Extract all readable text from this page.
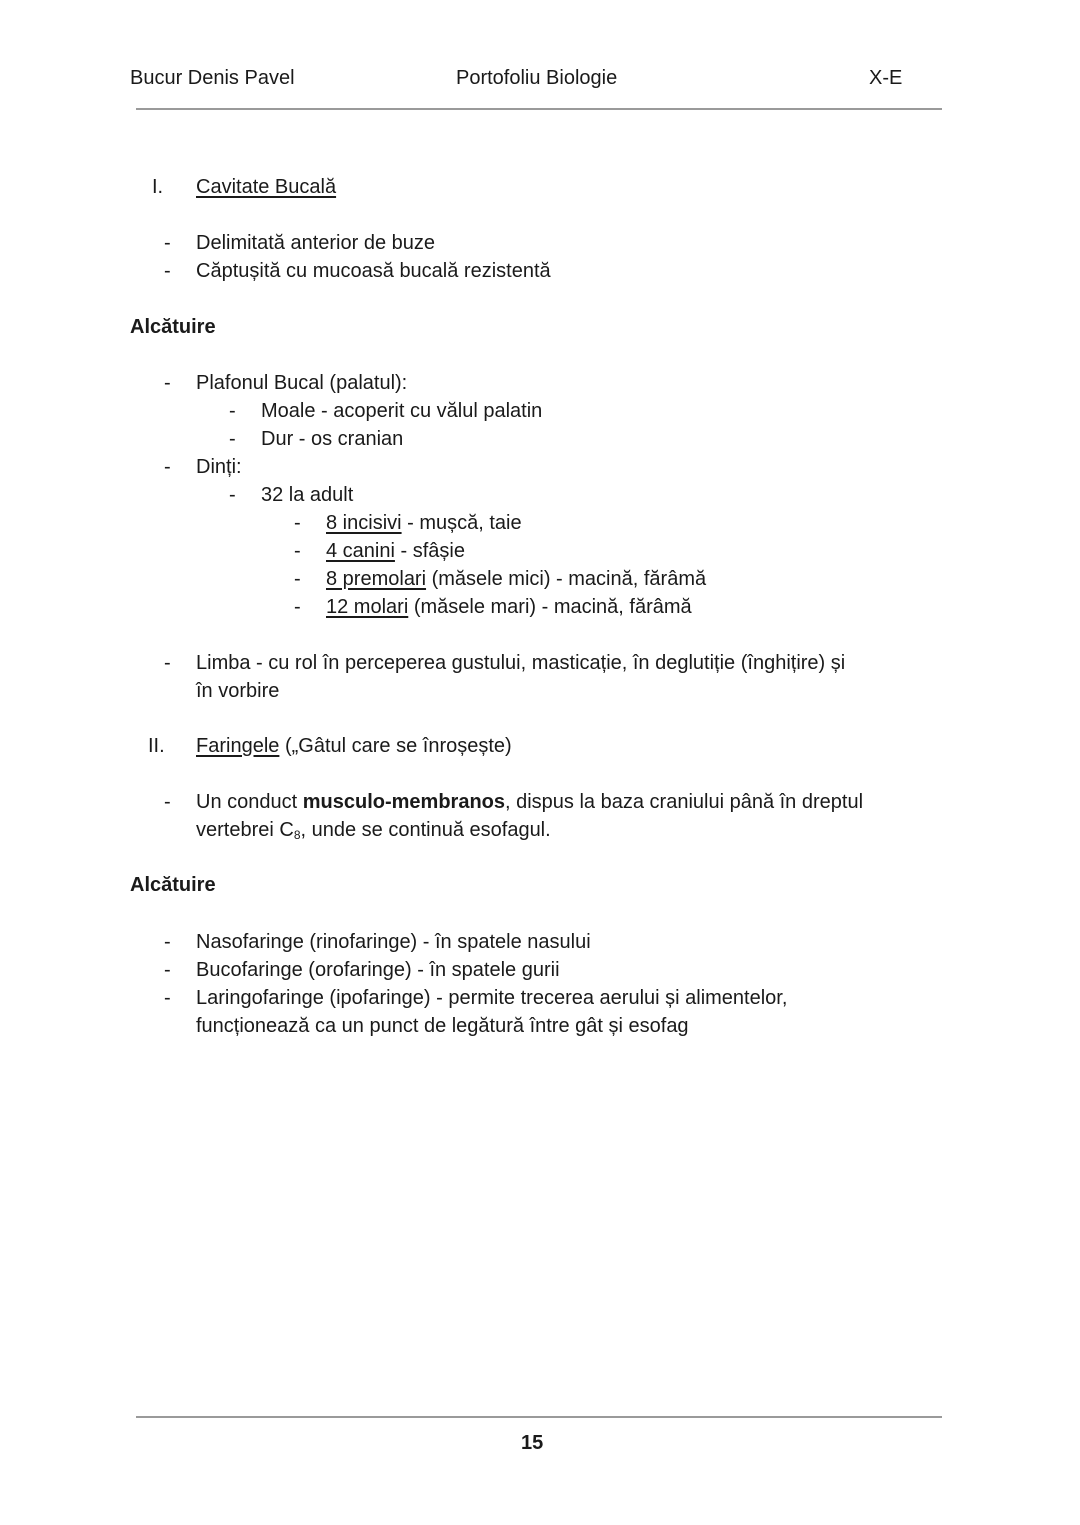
Bucur Denis Pavel	Portofoliu Biologie	X-E
I. Cavitate Bucală
- Delimitată anterior de buze
- Căptușită cu mucoasă bucală rezistentă
Alcătuire
- Plafonul Bucal (palatul):
- Moale - acoperit cu vălul palatin
- Dur - os cranian
- Dinți:
- 32 la adult
- 8 incisivi - mușcă, taie
- 4 canini - sfâșie
- 8 premolari (măsele mici) - macină, fărâmă
- 12 molari (măsele mari) - macină, fărâmă
- Limba - cu rol în perceperea gustului, masticație, în deglutiție (înghițire) și
în vorbire
II. Faringele („Gâtul care se înroșește)
- Un conduct musculo-membranos, dispus la baza craniului până în dreptul
vertebrei $C_8$, unde se continuă esofagul.
Alcătuire
- Nasofaringe (rinofaringe) - în spatele nasului
- Bucofaringe (orofaringe) - în spatele gurii
- Laringofaringe (ipofaringe) - permite trecerea aerului și alimentelor,
funcționează ca un punct de legătură între gât și esofag
15
